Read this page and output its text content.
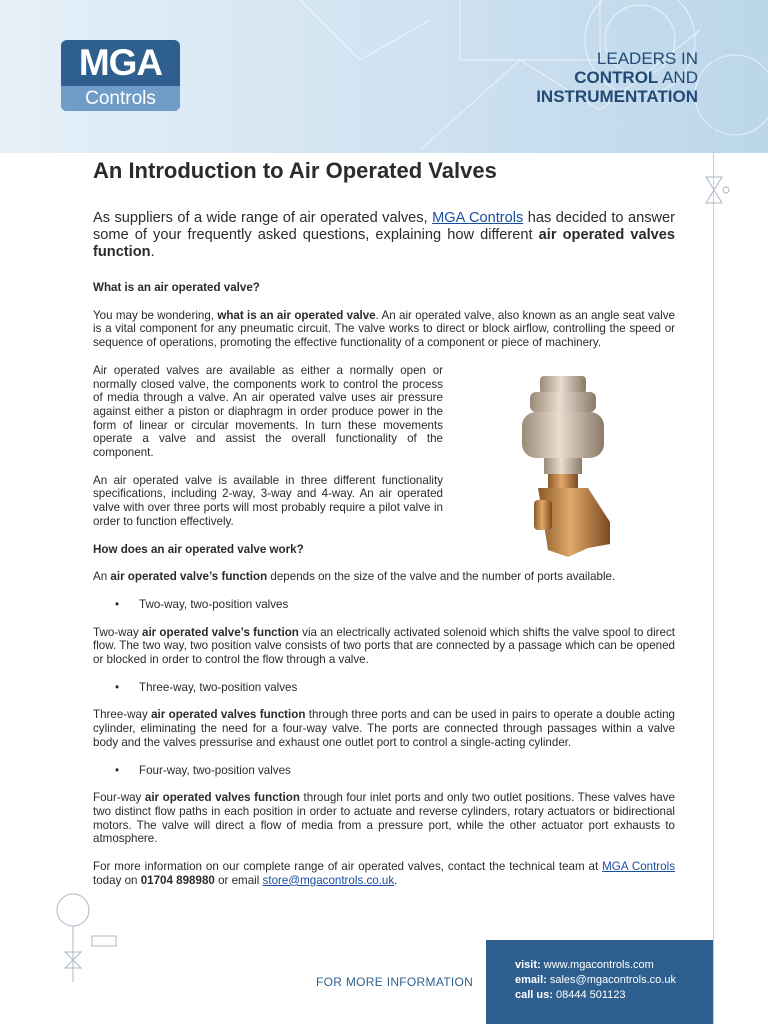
MGA
Controls
LEADERS IN
CONTROL AND
INSTRUMENTATION
An Introduction to Air Operated Valves

As suppliers of a wide range of air operated valves, MGA Controls has decided to answer some of your frequently asked questions, explaining how different air operated valves function.

What is an air operated valve?

You may be wondering, what is an air operated valve. An air operated valve, also known as an angle seat valve is a vital component for any pneumatic circuit. The valve works to direct or block airflow, controlling the speed or sequence of operations, promoting the effective functionality of a component or piece of machinery.

Air operated valves are available as either a normally open or normally closed valve, the components work to control the process of media through a valve. An air operated valve uses air pressure against either a piston or diaphragm in order produce power in the form of linear or circular movements. In turn these movements operate a valve and assist the overall functionality of the component.

An air operated valve is available in three different functionality specifications, including 2-way, 3-way and 4-way. An air operated valve with over three ports will most probably require a pilot valve in order to function effectively.

How does an air operated valve work?

An air operated valve’s function depends on the size of the valve and the number of ports available.

• Two-way, two-position valves

Two-way air operated valve’s function via an electrically activated solenoid which shifts the valve spool to direct flow. The two way, two position valve consists of two ports that are connected by a passage which can be opened or blocked in order to control the flow through a valve.

• Three-way, two-position valves

Three-way air operated valves function through three ports and can be used in pairs to operate a double acting cylinder, eliminating the need for a four-way valve. The ports are connected through passages within a valve body and the valves pressurise and exhaust one outlet port to control a single-acting cylinder.

• Four-way, two-position valves

Four-way air operated valves function through four inlet ports and only two outlet positions. These valves have two distinct flow paths in each position in order to actuate and reverse cylinders, rotary actuators or bidirectional motors. The valve will direct a flow of media from a pressure port, while the other actuator port exhausts to atmosphere.

For more information on our complete range of air operated valves, contact the technical team at MGA Controls today on 01704 898980 or email store@mgacontrols.co.uk.

FOR MORE INFORMATION
visit: www.mgacontrols.com
email: sales@mgacontrols.co.uk
call us: 08444 501123
